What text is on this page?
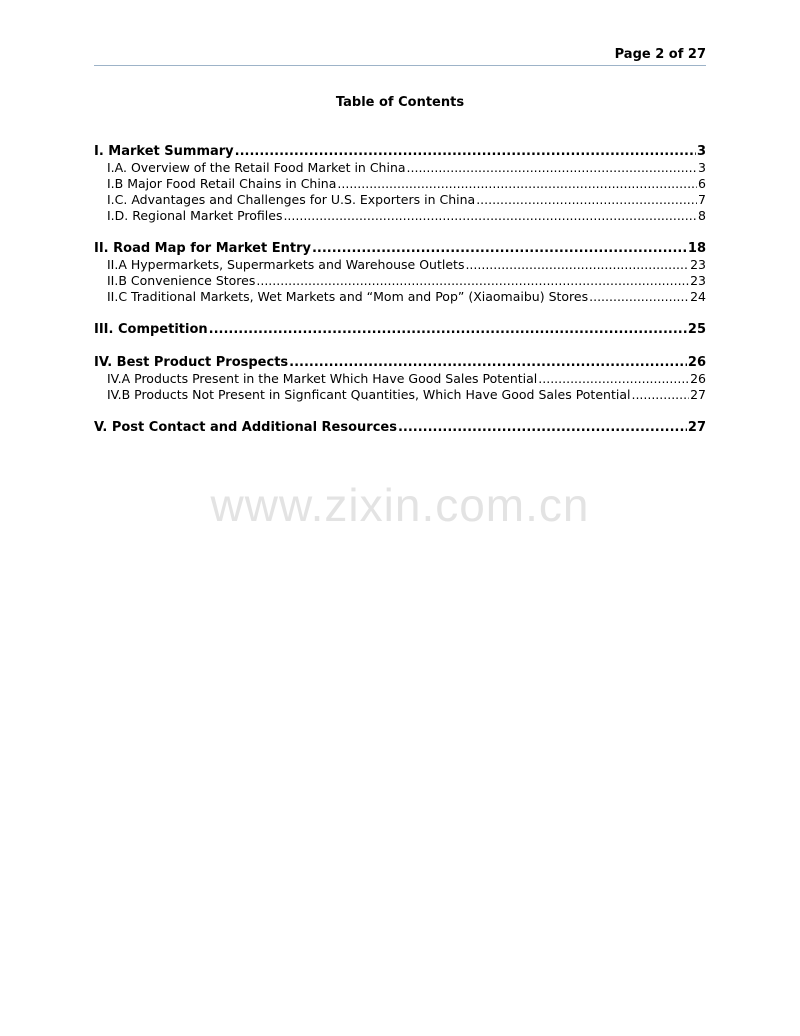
Page 2 of 27
Table of Contents
I. Market Summary .....	3
I.A. Overview of the Retail Food Market in China .....	3
I.B Major Food Retail Chains in China .....	6
I.C. Advantages and Challenges for U.S. Exporters in China .....	7
I.D. Regional Market Profiles .....	8
II. Road Map for Market Entry .....	18
II.A Hypermarkets, Supermarkets and Warehouse Outlets .....	23
II.B Convenience Stores .....	23
II.C Traditional Markets, Wet Markets and “Mom and Pop” (Xiaomaibu) Stores .....	24
III. Competition .....	25
IV. Best Product Prospects .....	26
IV.A Products Present in the Market Which Have Good Sales Potential .....	26
IV.B Products Not Present in Signficant Quantities, Which Have Good Sales Potential .....	27
V. Post Contact and Additional Resources .....	27
www.zixin.com.cn
